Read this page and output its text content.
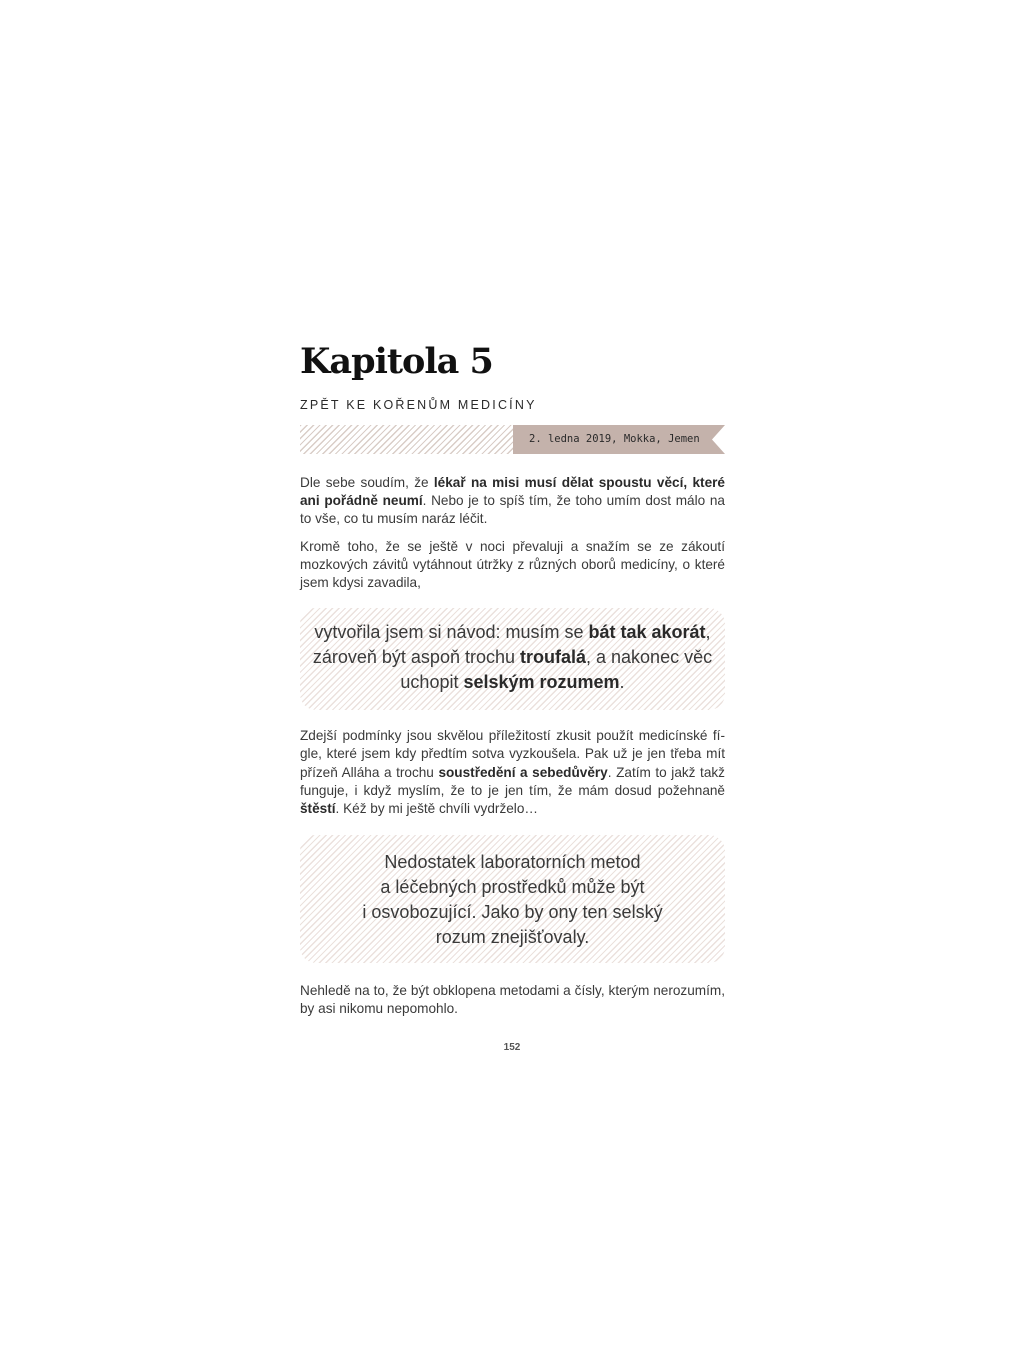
Kapitola 5
ZPĚT KE KOŘENŮM MEDICÍNY
2. ledna 2019, Mokka, Jemen

Dle sebe soudím, že lékař na misi musí dělat spoustu věcí, které ani pořádně neumí. Nebo je to spíš tím, že toho umím dost málo na to vše, co tu musím naráz léčit.

Kromě toho, že se ještě v noci převaluji a snažím se ze zákoutí mozkových závitů vytáhnout útržky z různých oborů medicíny, o které jsem kdysi zavadila,

vytvořila jsem si návod: musím se bát tak akorát, zároveň být aspoň trochu troufalá, a nakonec věc uchopit selským rozumem.

Zdejší podmínky jsou skvělou příležitostí zkusit použít medicínské fígle, které jsem kdy předtím sotva vyzkoušela. Pak už je jen třeba mít přízeň Alláha a trochu soustředění a sebedůvěry. Zatím to jakž takž funguje, i když myslím, že to je jen tím, že mám dosud požehnaně štěstí. Kéž by mi ještě chvíli vydrželo…

Nedostatek laboratorních metod
a léčebných prostředků může být
i osvobozující. Jako by ony ten selský
rozum znejišťovaly.

Nehledě na to, že být obklopena metodami a čísly, kterým nerozumím, by asi nikomu nepomohlo.

152
